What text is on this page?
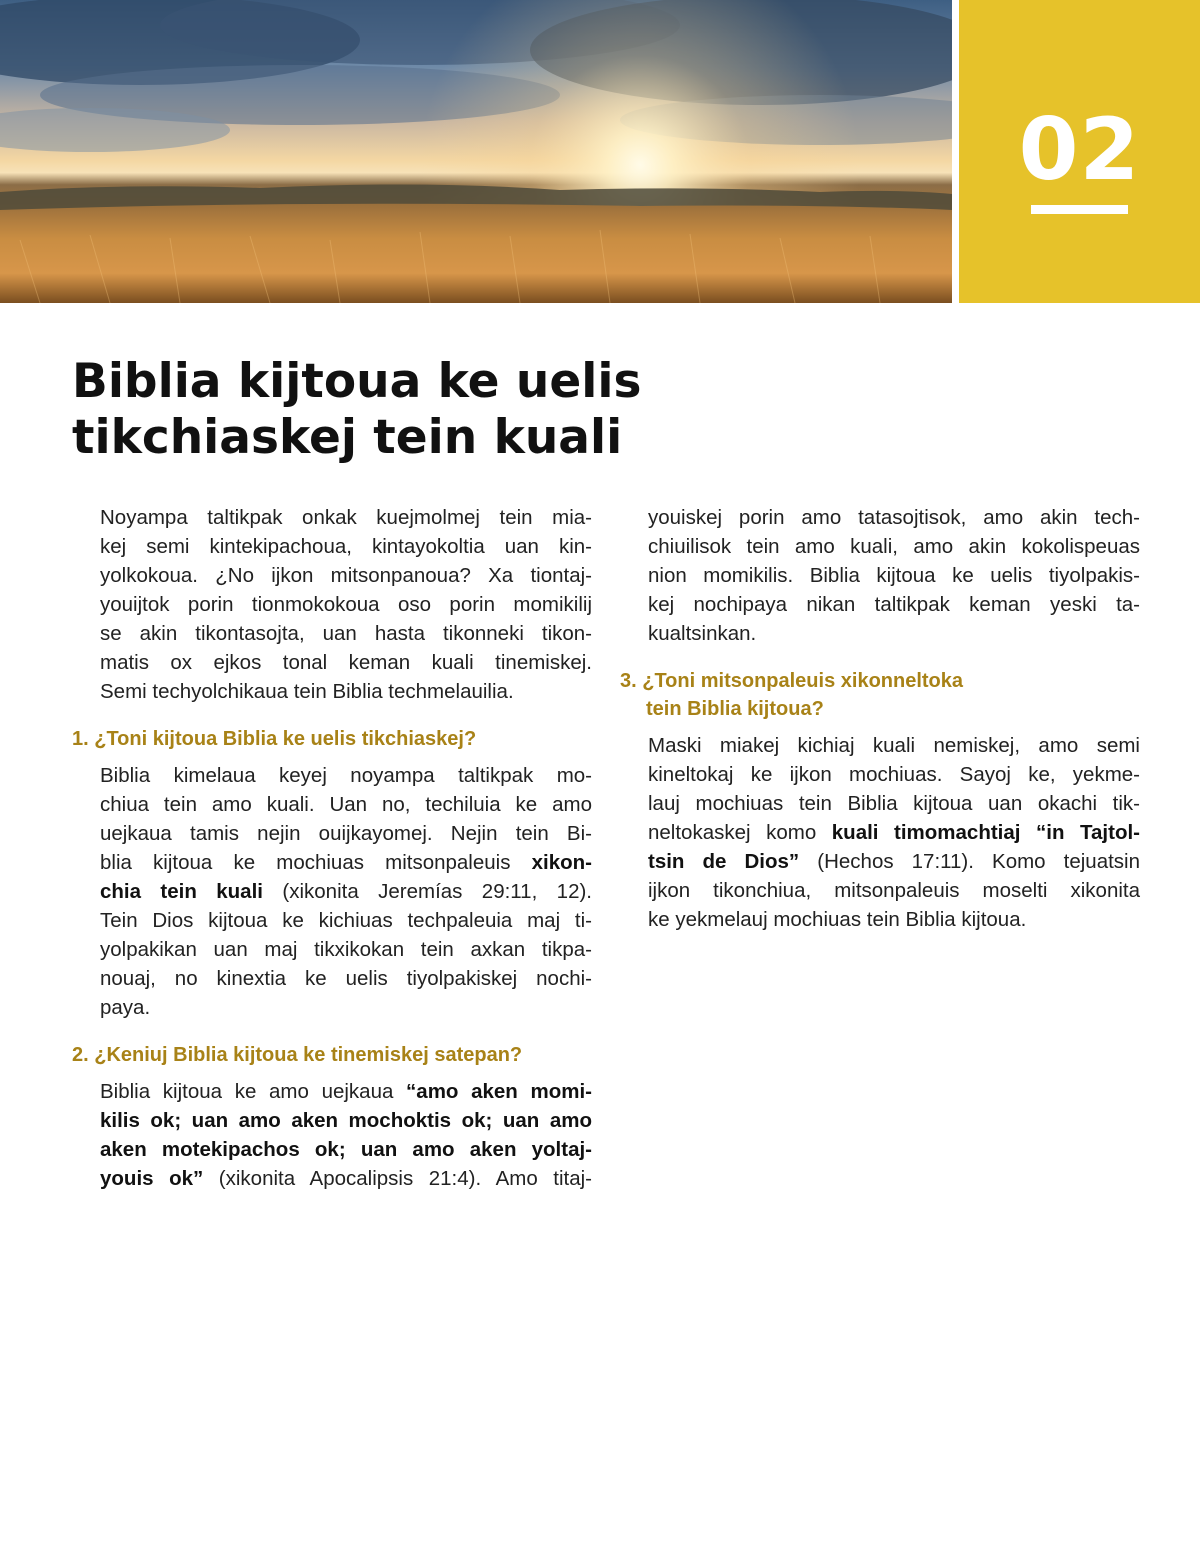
02
Biblia kijtoua ke uelis
tikchiaskej tein kuali
Noyampa taltikpak onkak kuejmolmej tein mia-
kej semi kintekipachoua, kintayokoltia uan kin-
yolkokoua. ¿No ijkon mitsonpanoua? Xa tiontaj-
youijtok porin tionmokokoua oso porin momikilij
se akin tikontasojta, uan hasta tikonneki tikon-
matis ox ejkos tonal keman kuali tinemiskej.
Semi techyolchikaua tein Biblia techmelauilia.
1. ¿Toni kijtoua Biblia ke uelis tikchiaskej?
Biblia kimelaua keyej noyampa taltikpak mo-
chiua tein amo kuali. Uan no, techiluia ke amo
uejkaua tamis nejin ouijkayomej. Nejin tein Bi-
blia kijtoua ke mochiuas mitsonpaleuis xikon-
chia tein kuali (xikonita Jeremías 29:11, 12).
Tein Dios kijtoua ke kichiuas techpaleuia maj ti-
yolpakikan uan maj tikxikokan tein axkan tikpa-
nouaj, no kinextia ke uelis tiyolpakiskej nochi-
paya.
2. ¿Keniuj Biblia kijtoua ke tinemiskej satepan?
Biblia kijtoua ke amo uejkaua “amo aken momi-
kilis ok; uan amo aken mochoktis ok; uan amo
aken motekipachos ok; uan amo aken yoltaj-
youis ok” (xikonita Apocalipsis 21:4). Amo titaj-
youiskej porin amo tatasojtisok, amo akin tech-
chiuilisok tein amo kuali, amo akin kokolispeuas
nion momikilis. Biblia kijtoua ke uelis tiyolpakis-
kej nochipaya nikan taltikpak keman yeski ta-
kualtsinkan.
3. ¿Toni mitsonpaleuis xikonneltoka
tein Biblia kijtoua?
Maski miakej kichiaj kuali nemiskej, amo semi
kineltokaj ke ijkon mochiuas. Sayoj ke, yekme-
lauj mochiuas tein Biblia kijtoua uan okachi tik-
neltokaskej komo kuali timomachtiaj “in Tajtol-
tsin de Dios” (Hechos 17:11). Komo tejuatsin
ijkon tikonchiua, mitsonpaleuis moselti xikonita
ke yekmelauj mochiuas tein Biblia kijtoua.
